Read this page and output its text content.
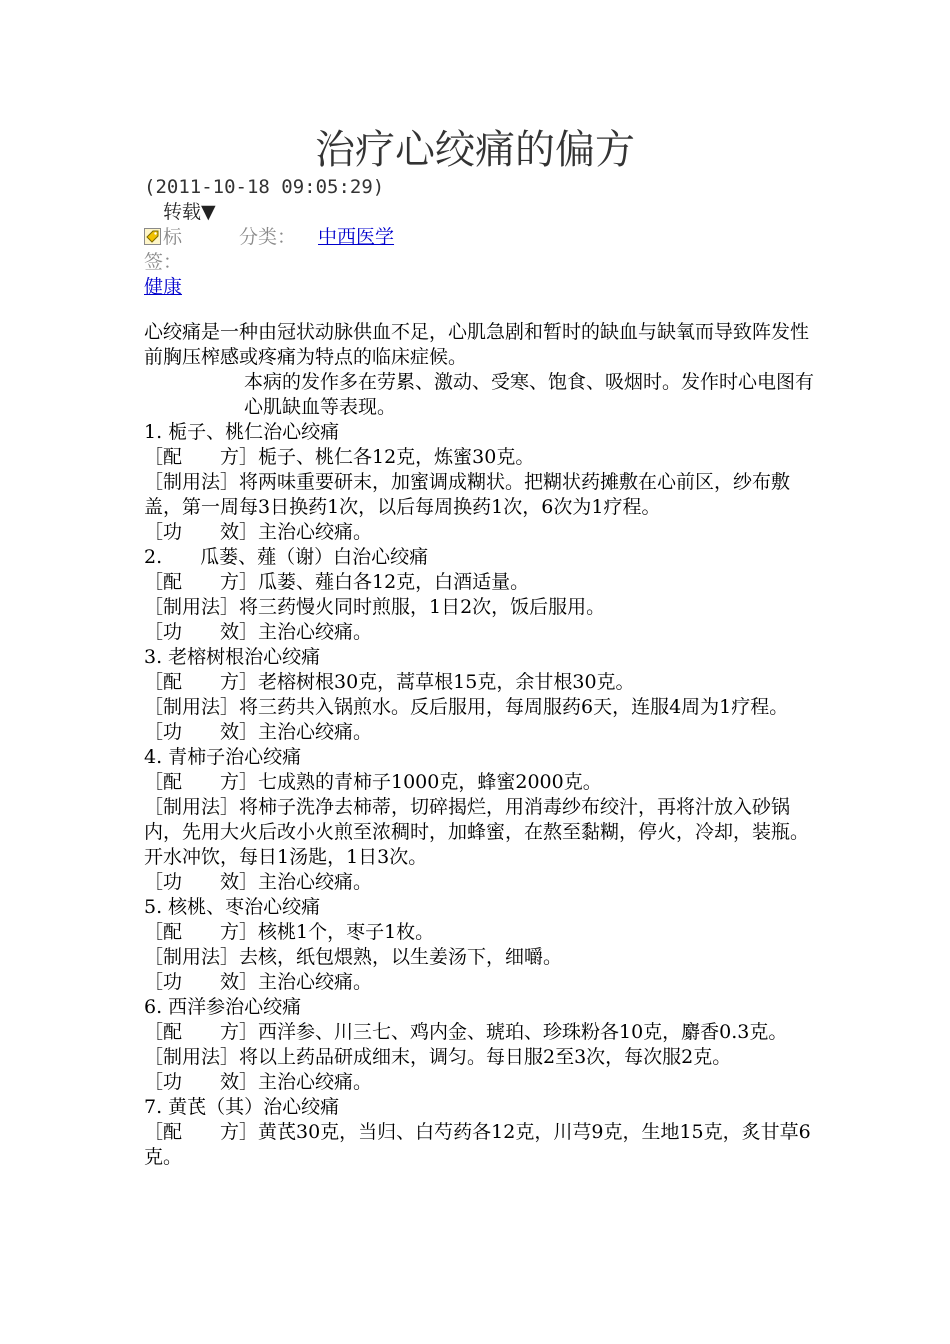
治疗心绞痛的偏方
(2011-10-18 09:05:29)
转载▼
标	分类： 中西医学
签：
健康

心绞痛是一种由冠状动脉供血不足，心肌急剧和暂时的缺血与缺氧而导致阵发性前胸压榨感或疼痛为特点的临床症候。

本病的发作多在劳累、激动、受寒、饱食、吸烟时。发作时心电图有心肌缺血等表现。

1. 栀子、桃仁治心绞痛

［配　　方］栀子、桃仁各12克，炼蜜30克。

［制用法］将两味重要研末，加蜜调成糊状。把糊状药摊敷在心前区，纱布敷盖，第一周每3日换药1次，以后每周换药1次，6次为1疗程。

［功　　效］主治心绞痛。

2.　　瓜蒌、薤（谢）白治心绞痛

［配　　方］瓜蒌、薤白各12克，白酒适量。

［制用法］将三药慢火同时煎服，1日2次，饭后服用。

［功　　效］主治心绞痛。

3. 老榕树根治心绞痛

［配　　方］老榕树根30克，蒿草根15克，余甘根30克。

［制用法］将三药共入锅煎水。反后服用，每周服药6天，连服4周为1疗程。

［功　　效］主治心绞痛。

4. 青柿子治心绞痛

［配　　方］七成熟的青柿子1000克，蜂蜜2000克。

［制用法］将柿子洗净去柿蒂，切碎揭烂，用消毒纱布绞汁，再将汁放入砂锅内，先用大火后改小火煎至浓稠时，加蜂蜜，在熬至黏糊，停火，冷却，装瓶。开水冲饮，每日1汤匙，1日3次。

［功　　效］主治心绞痛。

5. 核桃、枣治心绞痛

［配　　方］核桃1个，枣子1枚。

［制用法］去核，纸包煨熟，以生姜汤下，细嚼。

［功　　效］主治心绞痛。

6. 西洋参治心绞痛

［配　　方］西洋参、川三七、鸡内金、琥珀、珍珠粉各10克，麝香0.3克。

［制用法］将以上药品研成细末，调匀。每日服2至3次，每次服2克。

［功　　效］主治心绞痛。

7. 黄芪（其）治心绞痛

［配　　方］黄芪30克，当归、白芍药各12克，川芎9克，生地15克，炙甘草6克。
